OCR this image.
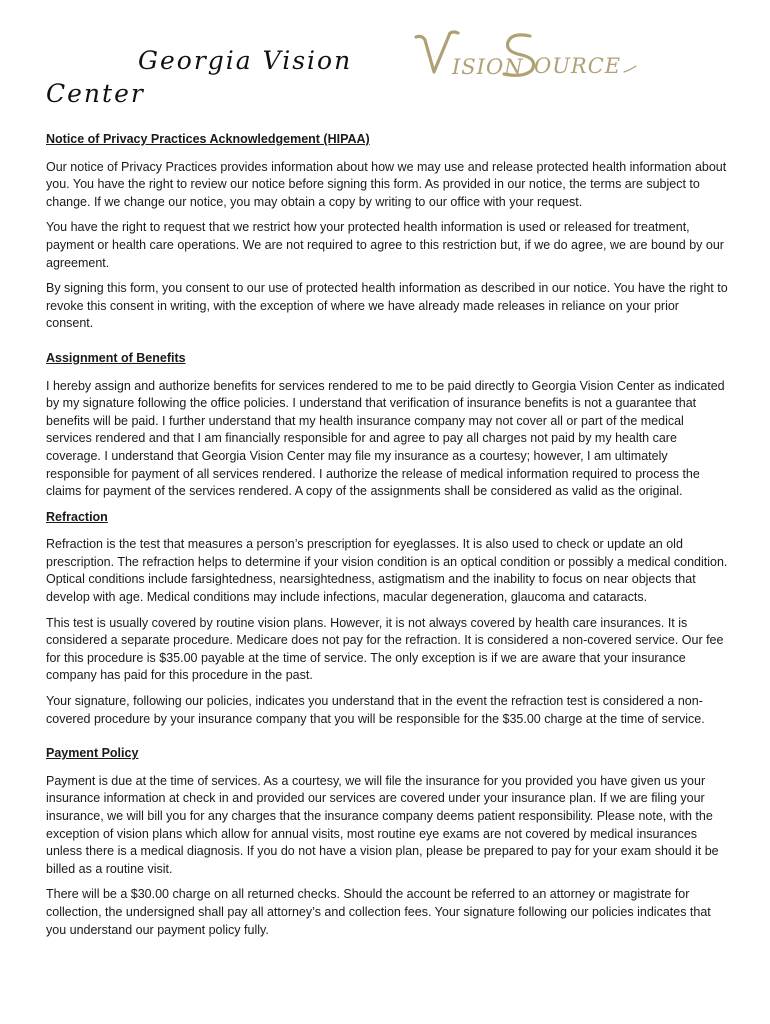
Georgia Vision
Center
ISION OURCE
Notice of Privacy Practices Acknowledgement (HIPAA)

Our notice of Privacy Practices provides information about how we may use and release protected health information about you. You have the right to review our notice before signing this form. As provided in our notice, the terms are subject to change. If we change our notice, you may obtain a copy by writing to our office with your request.

You have the right to request that we restrict how your protected health information is used or released for treatment, payment or health care operations. We are not required to agree to this restriction but, if we do agree, we are bound by our agreement.

By signing this form, you consent to our use of protected health information as described in our notice. You have the right to revoke this consent in writing, with the exception of where we have already made releases in reliance on your prior consent.

Assignment of Benefits

I hereby assign and authorize benefits for services rendered to me to be paid directly to Georgia Vision Center as indicated by my signature following the office policies. I understand that verification of insurance benefits is not a guarantee that benefits will be paid. I further understand that my health insurance company may not cover all or part of the medical services rendered and that I am financially responsible for and agree to pay all charges not paid by my health care coverage. I understand that Georgia Vision Center may file my insurance as a courtesy; however, I am ultimately responsible for payment of all services rendered. I authorize the release of medical information required to process the claims for payment of the services rendered. A copy of the assignments shall be considered as valid as the original.

Refraction

Refraction is the test that measures a person’s prescription for eyeglasses. It is also used to check or update an old prescription. The refraction helps to determine if your vision condition is an optical condition or possibly a medical condition. Optical conditions include farsightedness, nearsightedness, astigmatism and the inability to focus on near objects that develop with age. Medical conditions may include infections, macular degeneration, glaucoma and cataracts.

This test is usually covered by routine vision plans. However, it is not always covered by health care insurances. It is considered a separate procedure. Medicare does not pay for the refraction. It is considered a non-covered service. Our fee for this procedure is $35.00 payable at the time of service. The only exception is if we are aware that your insurance company has paid for this procedure in the past.

Your signature, following our policies, indicates you understand that in the event the refraction test is considered a non-covered procedure by your insurance company that you will be responsible for the $35.00 charge at the time of service.

Payment Policy

Payment is due at the time of services. As a courtesy, we will file the insurance for you provided you have given us your insurance information at check in and provided our services are covered under your insurance plan. If we are filing your insurance, we will bill you for any charges that the insurance company deems patient responsibility. Please note, with the exception of vision plans which allow for annual visits, most routine eye exams are not covered by medical insurances unless there is a medical diagnosis. If you do not have a vision plan, please be prepared to pay for your exam should it be billed as a routine visit.

There will be a $30.00 charge on all returned checks. Should the account be referred to an attorney or magistrate for collection, the undersigned shall pay all attorney’s and collection fees. Your signature following our policies indicates that you understand our payment policy fully.
